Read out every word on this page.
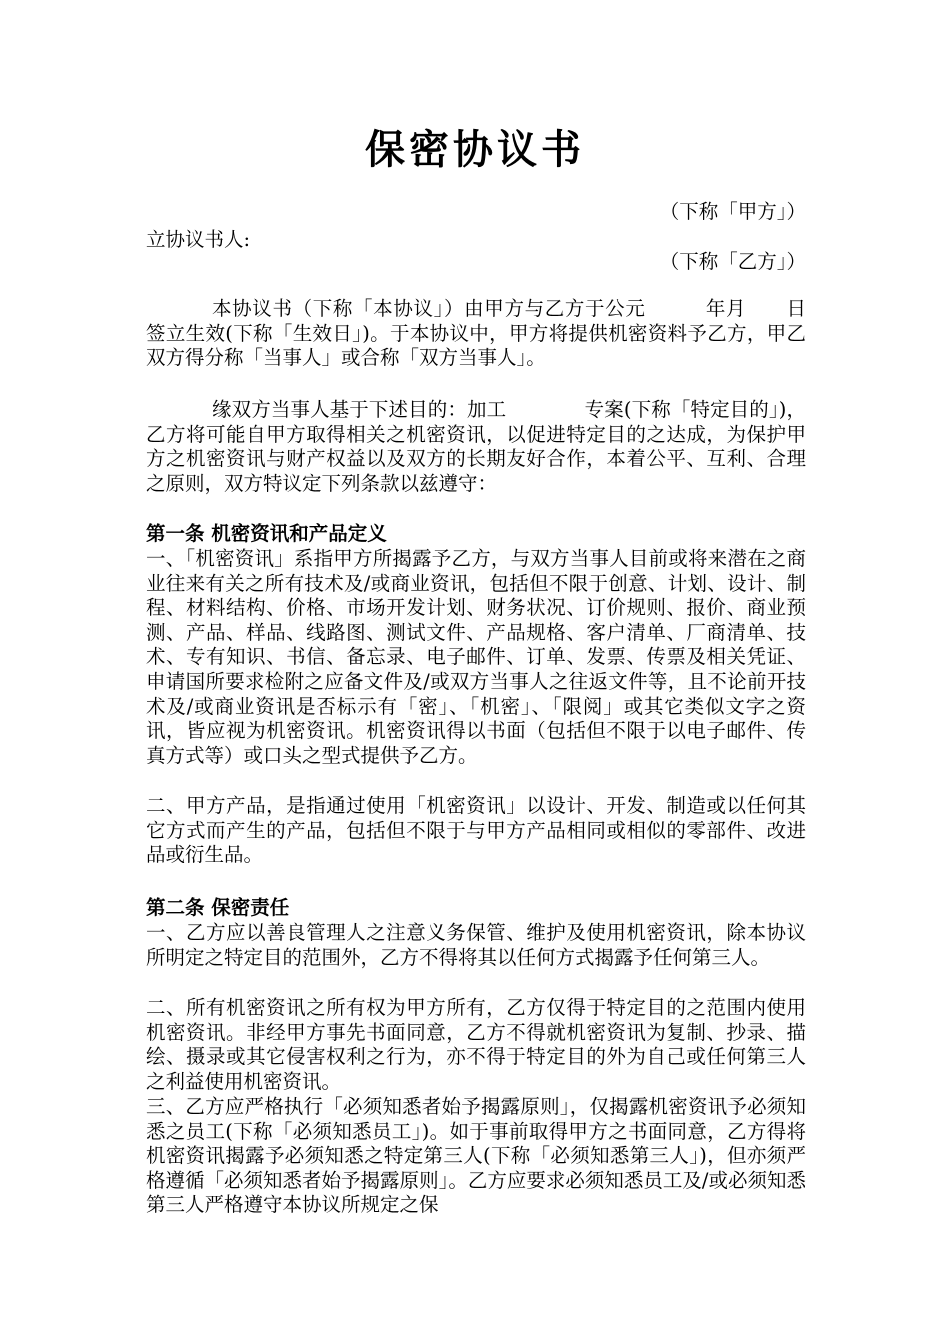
保密协议书
（下称「甲方」）
立协议书人:
（下称「乙方」）

本协议书（下称「本协议」）由甲方与乙方于公元　　　年月　　日签立生效(下称「生效日」)。于本协议中，甲方将提供机密资料予乙方，甲乙双方得分称「当事人」或合称「双方当事人」。

缘双方当事人基于下述目的：加工　　　　专案(下称「特定目的」)，乙方将可能自甲方取得相关之机密资讯，以促进特定目的之达成，为保护甲方之机密资讯与财产权益以及双方的长期友好合作，本着公平、互利、合理之原则，双方特议定下列条款以兹遵守：

第一条 机密资讯和产品定义

一、「机密资讯」系指甲方所揭露予乙方，与双方当事人目前或将来潜在之商业往来有关之所有技术及/或商业资讯，包括但不限于创意、计划、设计、制程、材料结构、价格、市场开发计划、财务状况、订价规则、报价、商业预测、产品、样品、线路图、测试文件、产品规格、客户清单、厂商清单、技术、专有知识、书信、备忘录、电子邮件、订单、发票、传票及相关凭证、申请国所要求检附之应备文件及/或双方当事人之往返文件等，且不论前开技术及/或商业资讯是否标示有「密」、「机密」、「限阅」或其它类似文字之资讯，皆应视为机密资讯。机密资讯得以书面（包括但不限于以电子邮件、传真方式等）或口头之型式提供予乙方。

二、甲方产品，是指通过使用「机密资讯」以设计、开发、制造或以任何其它方式而产生的产品，包括但不限于与甲方产品相同或相似的零部件、改进品或衍生品。

第二条 保密责任

一、乙方应以善良管理人之注意义务保管、维护及使用机密资讯，除本协议所明定之特定目的范围外，乙方不得将其以任何方式揭露予任何第三人。

二、所有机密资讯之所有权为甲方所有，乙方仅得于特定目的之范围内使用机密资讯。非经甲方事先书面同意，乙方不得就机密资讯为复制、抄录、描绘、摄录或其它侵害权利之行为，亦不得于特定目的外为自己或任何第三人之利益使用机密资讯。

三、乙方应严格执行「必须知悉者始予揭露原则」，仅揭露机密资讯予必须知悉之员工(下称「必须知悉员工」)。如于事前取得甲方之书面同意，乙方得将机密资讯揭露予必须知悉之特定第三人(下称「必须知悉第三人」)，但亦须严格遵循「必须知悉者始予揭露原则」。乙方应要求必须知悉员工及/或必须知悉第三人严格遵守本协议所规定之保
